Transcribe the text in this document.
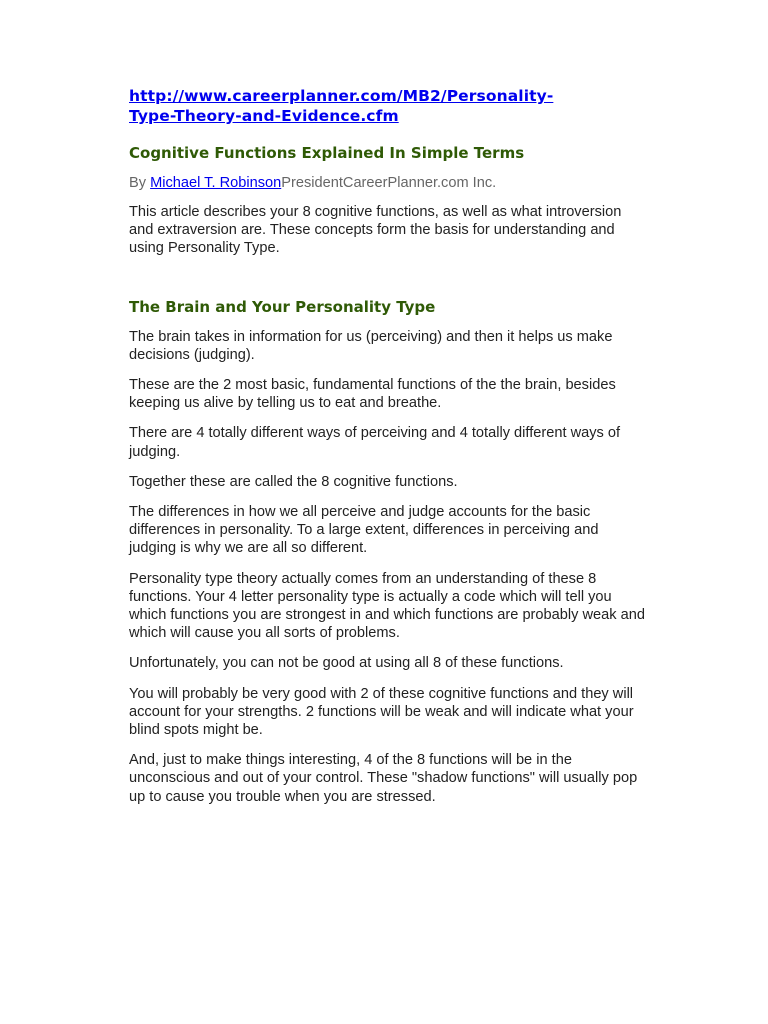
http://www.careerplanner.com/MB2/Personality-
Type-Theory-and-Evidence.cfm
Cognitive Functions Explained In Simple Terms

By Michael T. RobinsonPresidentCareerPlanner.com Inc.

This article describes your 8 cognitive functions, as well as what introversion and extraversion are. These concepts form the basis for understanding and using Personality Type.

The Brain and Your Personality Type

The brain takes in information for us (perceiving) and then it helps us make decisions (judging).

These are the 2 most basic, fundamental functions of the the brain, besides keeping us alive by telling us to eat and breathe.

There are 4 totally different ways of perceiving and 4 totally different ways of judging.

Together these are called the 8 cognitive functions.

The differences in how we all perceive and judge accounts for the basic differences in personality. To a large extent, differences in perceiving and judging is why we are all so different.

Personality type theory actually comes from an understanding of these 8 functions. Your 4 letter personality type is actually a code which will tell you which functions you are strongest in and which functions are probably weak and which will cause you all sorts of problems.

Unfortunately, you can not be good at using all 8 of these functions.

You will probably be very good with 2 of these cognitive functions and they will account for your strengths. 2 functions will be weak and will indicate what your blind spots might be.

And, just to make things interesting, 4 of the 8 functions will be in the unconscious and out of your control. These "shadow functions" will usually pop up to cause you trouble when you are stressed.
